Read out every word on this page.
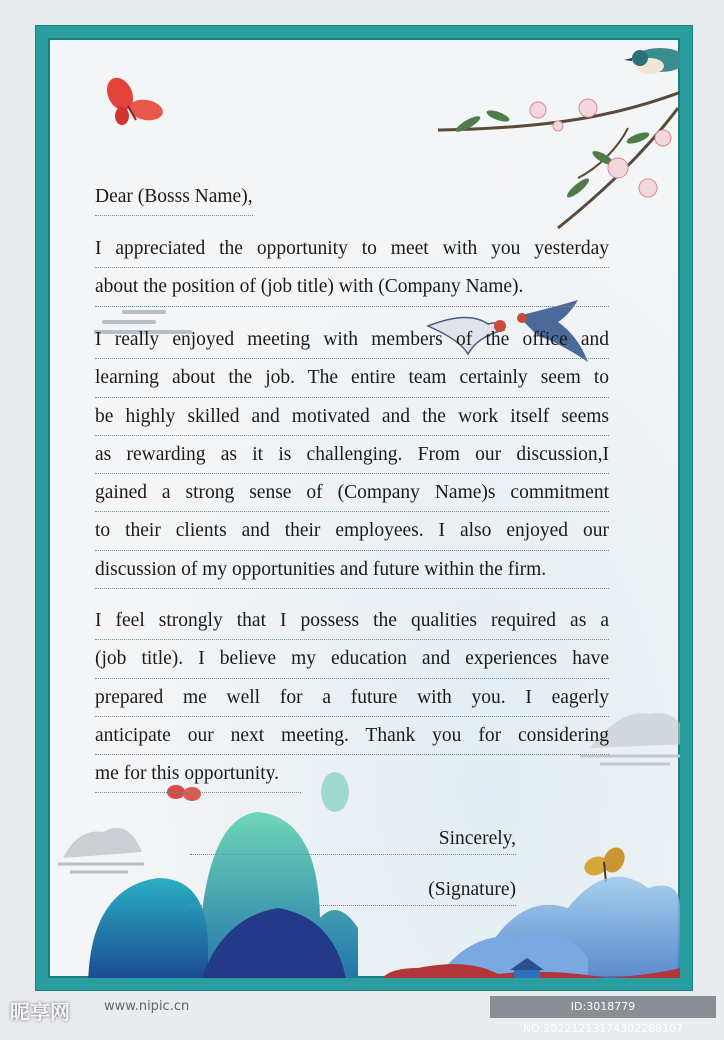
Dear (Bosss Name),
I appreciated the opportunity to meet with you yesterday
about the position of (job title) with (Company Name).
I really enjoyed meeting with members of the office and
learning about the job. The entire team certainly seem to
be highly skilled and motivated and the work itself seems
as rewarding as it is challenging. From our discussion,I
gained a strong sense of (Company Name)s commitment
to their clients and their employees. I also enjoyed our
discussion of my opportunities and future within the firm.
I feel strongly that I possess the qualities required as a
(job title). I believe my education and experiences have
prepared me well for a future with you. I eagerly
anticipate our next meeting. Thank you for considering
me for this opportunity.
Sincerely,
(Signature)
昵享网	www.nipic.cn	ID:3018779 NO:20221213174302288107
